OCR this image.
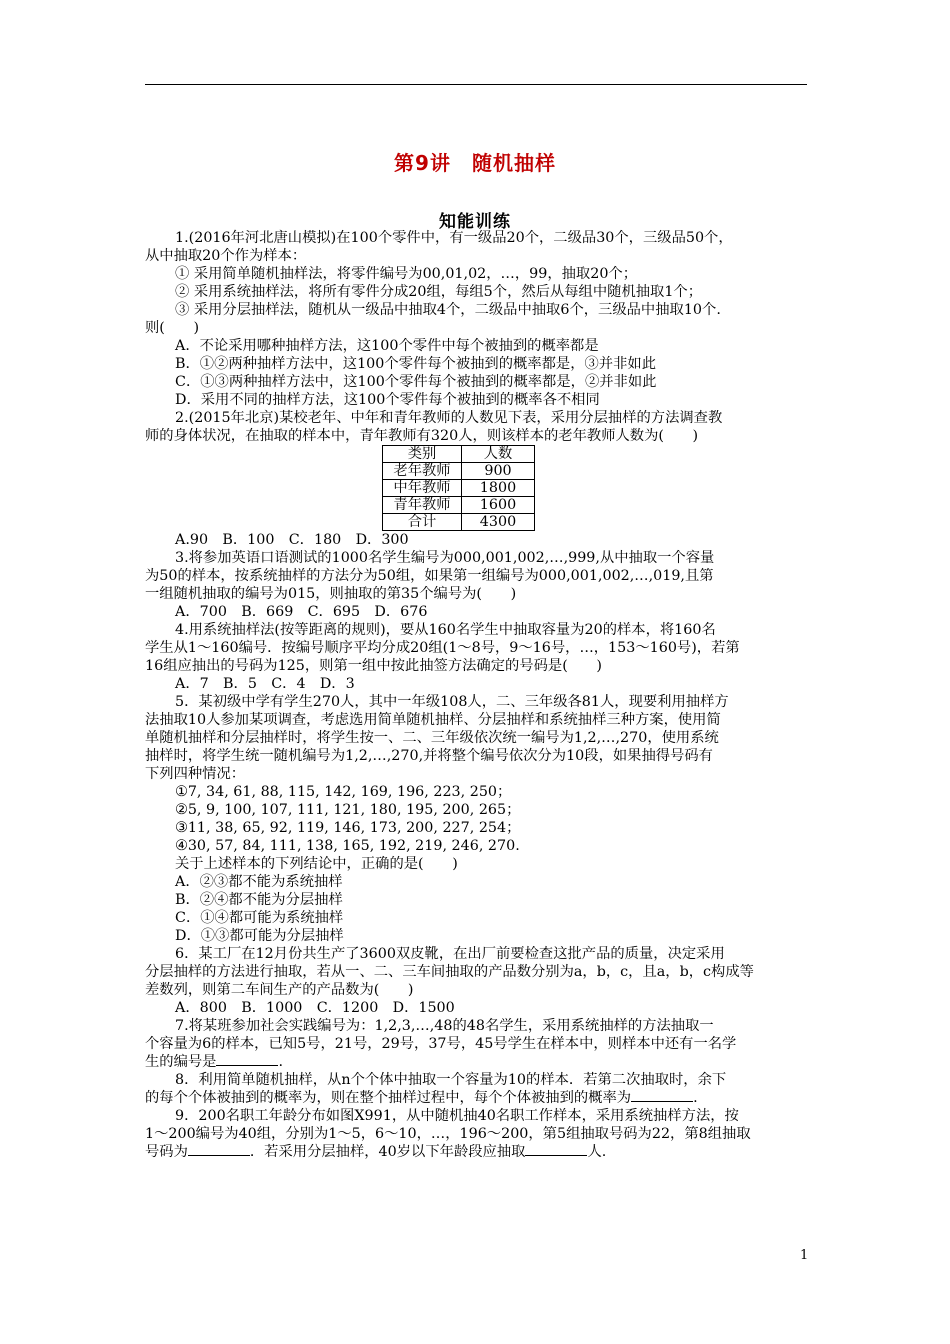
第9讲　随机抽样
知能训练

1.(2016年河北唐山模拟)在100个零件中，有一级品20个，二级品30个，三级品50个，

从中抽取20个作为样本：

① 采用简单随机抽样法，将零件编号为00,01,02，…，99，抽取20个；

② 采用系统抽样法，将所有零件分成20组，每组5个，然后从每组中随机抽取1个；

③ 采用分层抽样法，随机从一级品中抽取4个，二级品中抽取6个，三级品中抽取10个.

则(　　)

A．不论采用哪种抽样方法，这100个零件中每个被抽到的概率都是

B．①②两种抽样方法中，这100个零件每个被抽到的概率都是，③并非如此

C．①③两种抽样方法中，这100个零件每个被抽到的概率都是，②并非如此

D．采用不同的抽样方法，这100个零件每个被抽到的概率各不相同

2.(2015年北京)某校老年、中年和青年教师的人数见下表，采用分层抽样的方法调查教

师的身体状况，在抽取的样本中，青年教师有320人，则该样本的老年教师人数为(　　)

类别	人数
老年教师	900
中年教师	1800
青年教师	1600
合计	4300

A.90　B．100　C．180　D．300

3.将参加英语口语测试的1000名学生编号为000,001,002,…,999,从中抽取一个容量

为50的样本，按系统抽样的方法分为50组，如果第一组编号为000,001,002,…,019,且第

一组随机抽取的编号为015，则抽取的第35个编号为(　　)

A．700　B．669　C．695　D．676

4.用系统抽样法(按等距离的规则)，要从160名学生中抽取容量为20的样本，将160名

学生从1～160编号．按编号顺序平均分成20组(1～8号，9～16号，…，153～160号)，若第

16组应抽出的号码为125，则第一组中按此抽签方法确定的号码是(　　)

A．7　B．5　C．4　D．3

5．某初级中学有学生270人，其中一年级108人，二、三年级各81人，现要利用抽样方

法抽取10人参加某项调查，考虑选用简单随机抽样、分层抽样和系统抽样三种方案，使用简

单随机抽样和分层抽样时，将学生按一、二、三年级依次统一编号为1,2,…,270，使用系统

抽样时，将学生统一随机编号为1,2,…,270,并将整个编号依次分为10段，如果抽得号码有

下列四种情况：

①7, 34, 61, 88, 115, 142, 169, 196, 223, 250；

②5, 9, 100, 107, 111, 121, 180, 195, 200, 265；

③11, 38, 65, 92, 119, 146, 173, 200, 227, 254；

④30, 57, 84, 111, 138, 165, 192, 219, 246, 270.

关于上述样本的下列结论中，正确的是(　　)

A．②③都不能为系统抽样

B．②④都不能为分层抽样

C．①④都可能为系统抽样

D．①③都可能为分层抽样

6．某工厂在12月份共生产了3600双皮靴，在出厂前要检查这批产品的质量，决定采用

分层抽样的方法进行抽取，若从一、二、三车间抽取的产品数分别为a，b，c，且a，b，c构成等

差数列，则第二车间生产的产品数为(　　)

A．800　B．1000　C．1200　D．1500

7.将某班参加社会实践编号为：1,2,3,…,48的48名学生，采用系统抽样的方法抽取一

个容量为6的样本，已知5号，21号，29号，37号，45号学生在样本中，则样本中还有一名学

生的编号是	.

8．利用简单随机抽样，从n个个体中抽取一个容量为10的样本．若第二次抽取时，余下

的每个个体被抽到的概率为，则在整个抽样过程中，每个个体被抽到的概率为	.

9．200名职工年龄分布如图X991，从中随机抽40名职工作样本，采用系统抽样方法，按

1～200编号为40组，分别为1～5，6～10，…，196～200，第5组抽取号码为22，第8组抽取

号码为	．若采用分层抽样，40岁以下年龄段应抽取	人.

1
